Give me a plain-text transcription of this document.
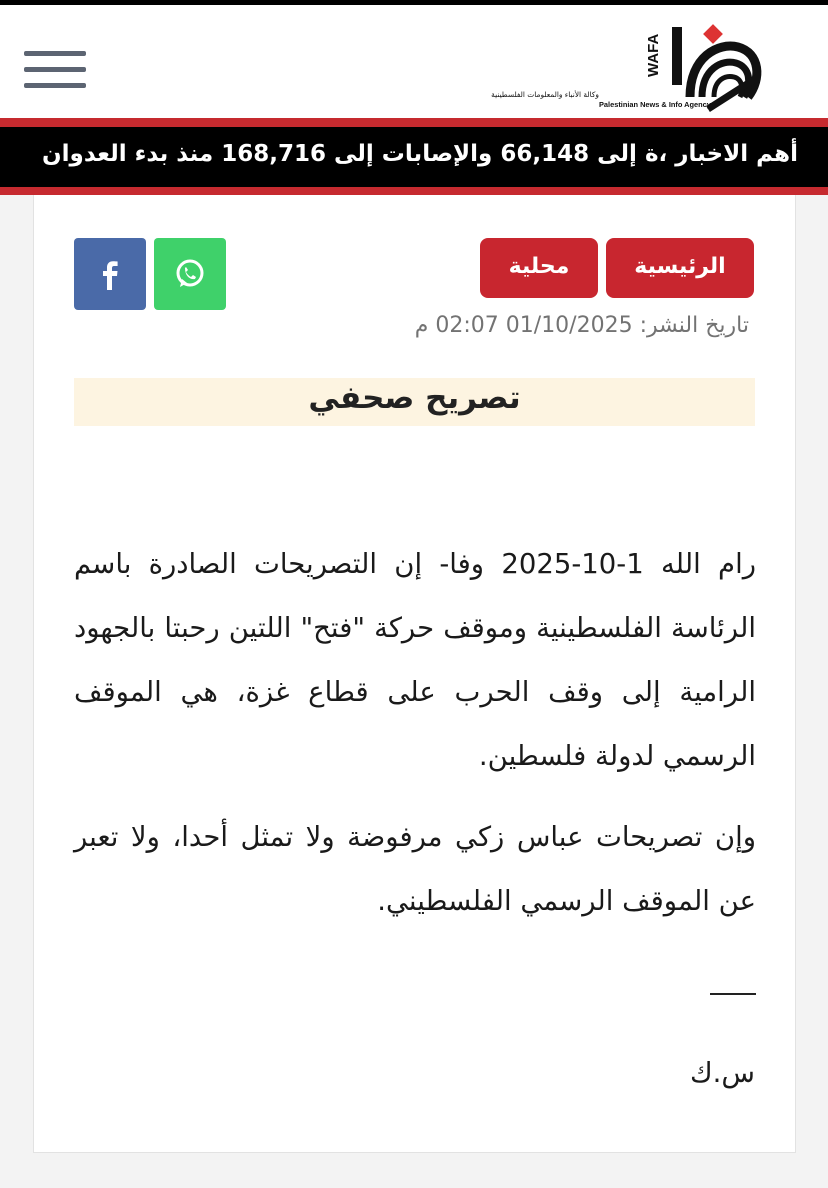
WAFA
وكالة الأنباء والمعلومات الفلسطينية
Palestinian News & Info Agency
أهم الاخبار ،ة إلى 66,148 والإصابات إلى 168,716 منذ بدء العدوان
الرئيسية
محلية
تاريخ النشر: 01/10/2025 02:07 م
تصريح صحفي
رام الله 1-10-2025 وفا- إن التصريحات الصادرة باسم الرئاسة الفلسطينية وموقف حركة "فتح" اللتين رحبتا بالجهود الرامية إلى وقف الحرب على قطاع غزة، هي الموقف الرسمي لدولة فلسطين.
وإن تصريحات عباس زكي مرفوضة ولا تمثل أحدا، ولا تعبر عن الموقف الرسمي الفلسطيني.
س.ك
